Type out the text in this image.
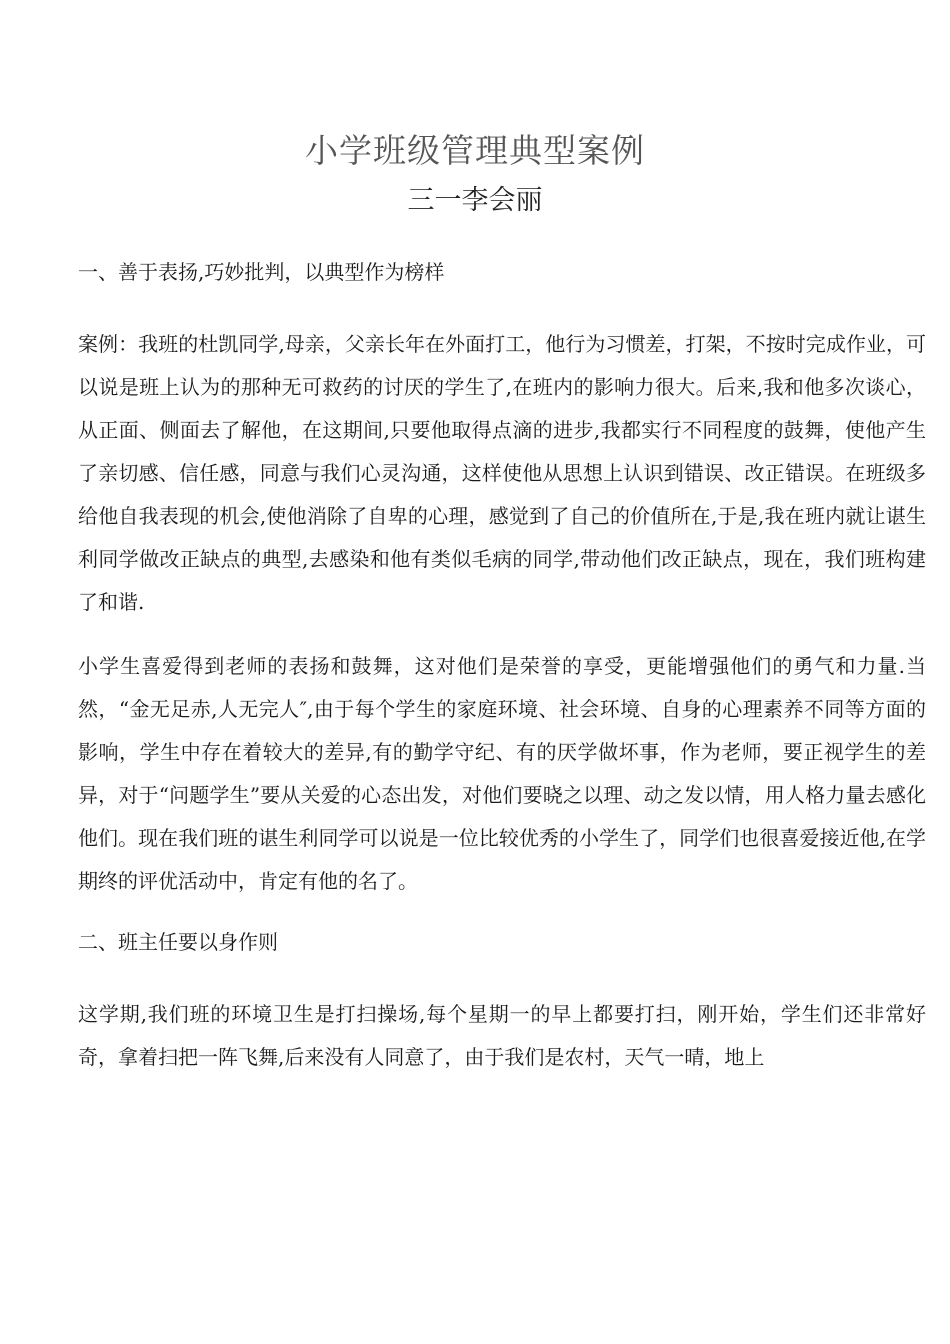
小学班级管理典型案例
三一李会丽
一、善于表扬,巧妙批判，以典型作为榜样

案例：我班的杜凯同学,母亲，父亲长年在外面打工，他行为习惯差，打架，不按时完成作业，可以说是班上认为的那种无可救药的讨厌的学生了,在班内的影响力很大。后来,我和他多次谈心，从正面、侧面去了解他，在这期间,只要他取得点滴的进步,我都实行不同程度的鼓舞，使他产生了亲切感、信任感，同意与我们心灵沟通，这样使他从思想上认识到错误、改正错误。在班级多给他自我表现的机会,使他消除了自卑的心理，感觉到了自己的价值所在,于是,我在班内就让谌生利同学做改正缺点的典型,去感染和他有类似毛病的同学,带动他们改正缺点，现在，我们班构建了和谐.

小学生喜爱得到老师的表扬和鼓舞，这对他们是荣誉的享受，更能增强他们的勇气和力量.当然，“金无足赤,人无完人″,由于每个学生的家庭环境、社会环境、自身的心理素养不同等方面的影响，学生中存在着较大的差异,有的勤学守纪、有的厌学做坏事，作为老师，要正视学生的差异，对于“问题学生”要从关爱的心态出发，对他们要晓之以理、动之发以情，用人格力量去感化他们。现在我们班的谌生利同学可以说是一位比较优秀的小学生了，同学们也很喜爱接近他,在学期终的评优活动中，肯定有他的名了。

二、班主任要以身作则

这学期,我们班的环境卫生是打扫操场,每个星期一的早上都要打扫，刚开始，学生们还非常好奇，拿着扫把一阵飞舞,后来没有人同意了，由于我们是农村，天气一晴，地上
